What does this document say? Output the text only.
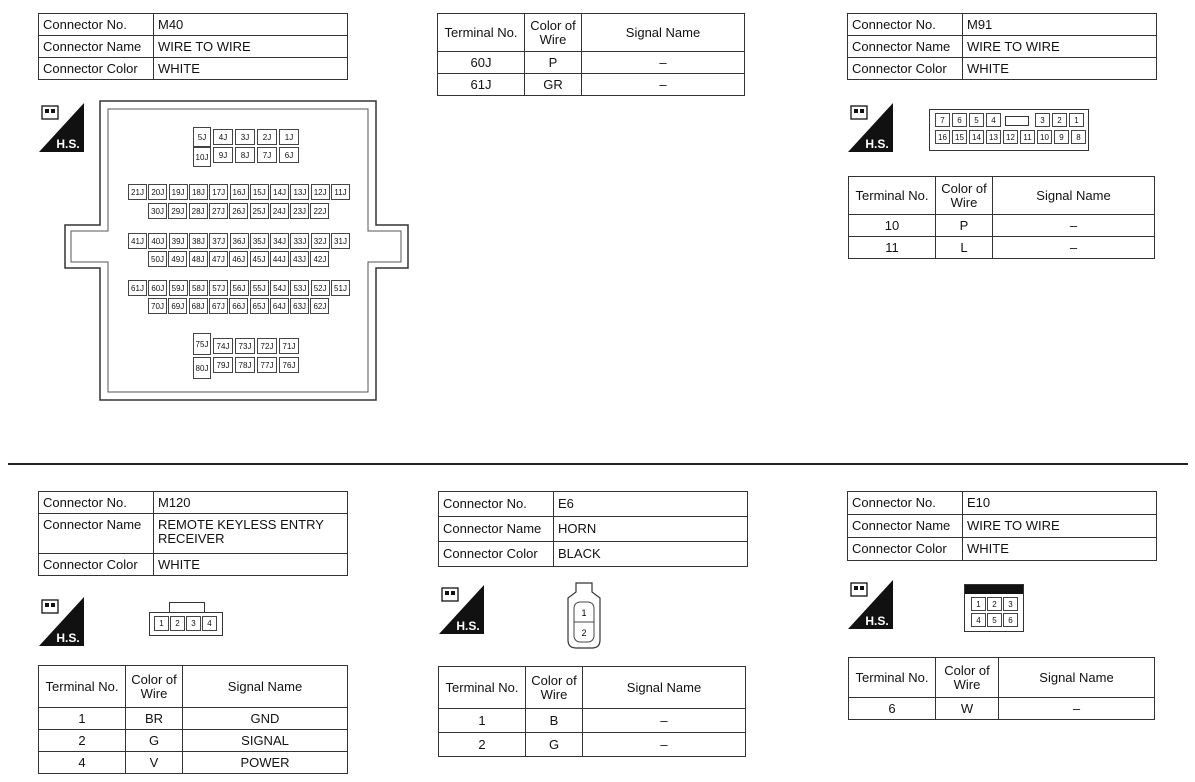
Connector No.	M40
Connector Name	WIRE TO WIRE
Connector Color	WHITE
H.S.	5J
10J
4J
9J
3J
8J
2J
7J
1J
6J
21J 20J 19J 18J 17J 16J 15J 14J 13J 12J 11J
41J 40J 39J 38J 37J 36J 35J 34J 33J 32J 31J
61J 60J 59J 58J 57J 56J 55J 54J 53J 52J 51J
30J 29J 28J 27J 26J 25J 24J 23J 22J
50J 49J 48J 47J 46J 45J 44J 43J 42J
70J 69J 68J 67J 66J 65J 64J 63J 62J
75J
80J
74J
79J
73J
78J
72J
77J
71J
76J
Terminal No.	Color of Wire	Signal Name
60J	P	–
61J	GR	–
Connector No.	M91
Connector Name	WIRE TO WIRE
Connector Color	WHITE
H.S.
7	6	5	4	3	2	1
16	15	14	13	12	11	10	9	8
Terminal No.	Color of Wire	Signal Name
10	P	–
11	L	–
Connector No.	M120
Connector Name	REMOTE KEYLESS ENTRY RECEIVER
Connector Color	WHITE
H.S.
1	2	3	4
Terminal No.	Color of Wire	Signal Name
1	BR	GND
2	G	SIGNAL
4	V	POWER
Connector No.	E6
Connector Name	HORN
Connector Color	BLACK
H.S.
1
2
Terminal No.	Color of Wire	Signal Name
1	B	–
2	G	–
Connector No.	E10
Connector Name	WIRE TO WIRE
Connector Color	WHITE
H.S.
1
4
2
5
3
6
Terminal No.	Color of Wire	Signal Name
6	W	–
